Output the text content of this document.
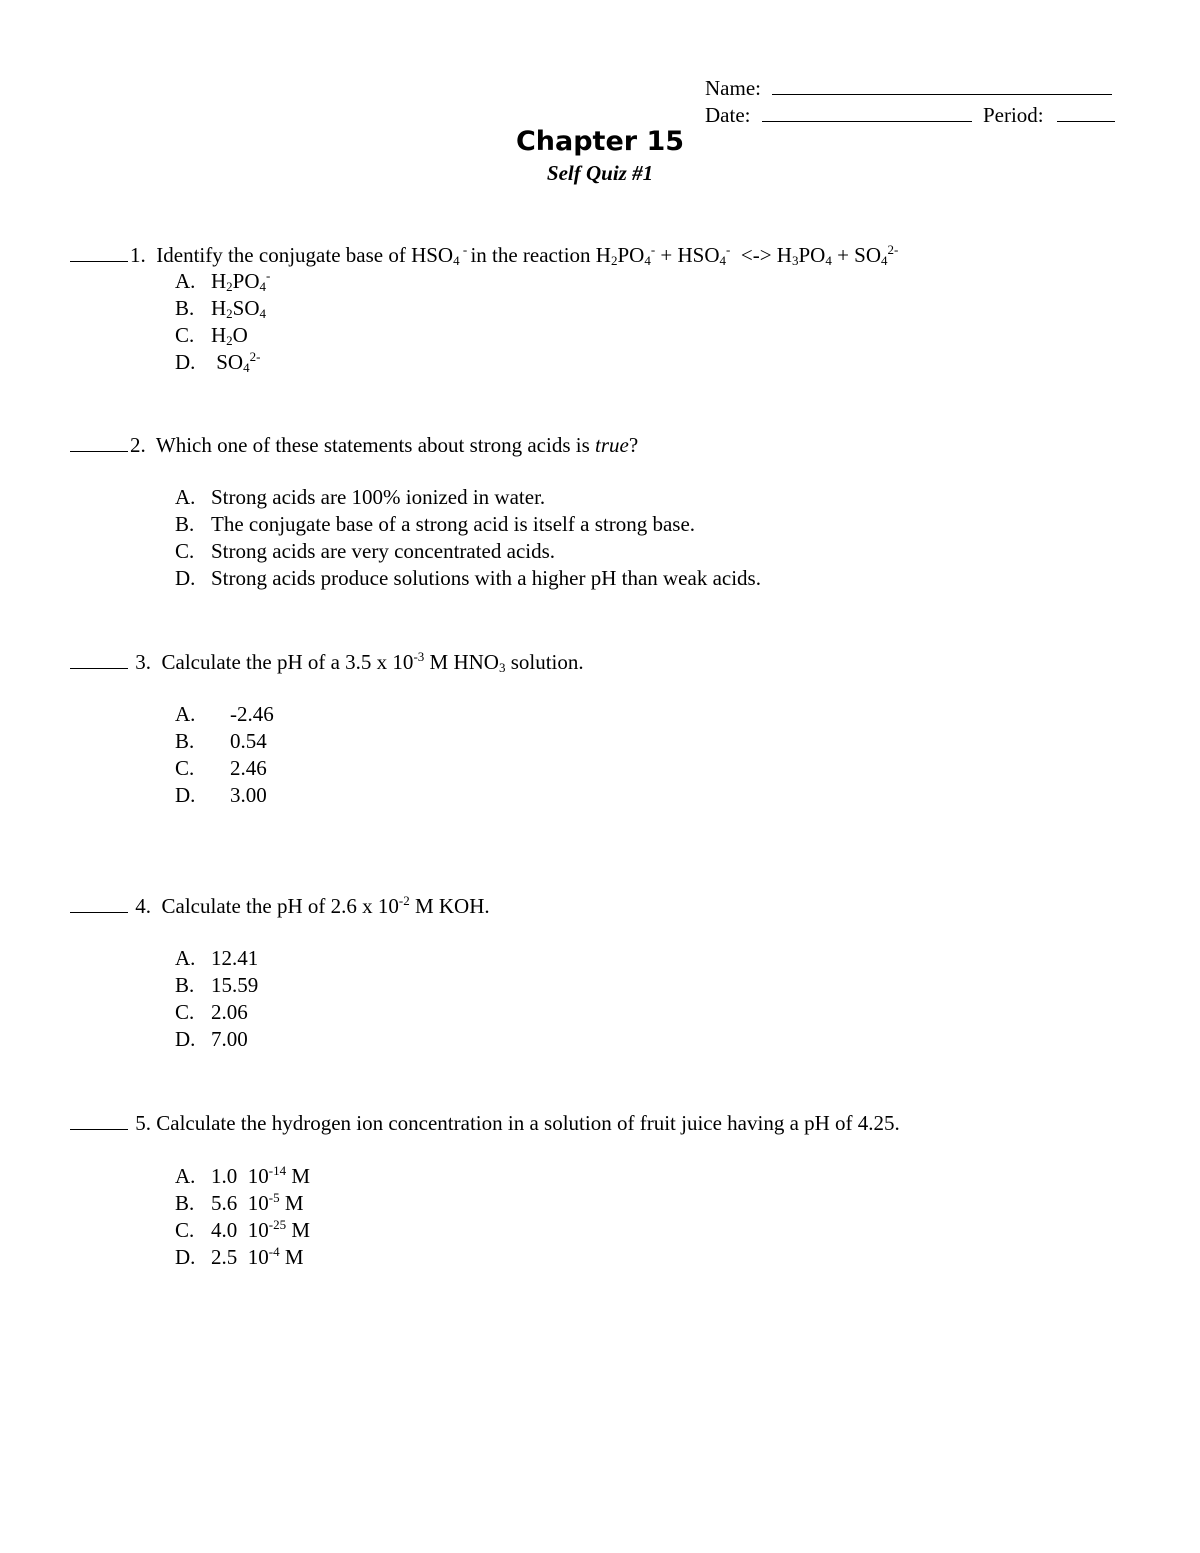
Name:
Date:	Period:
Chapter 15
Self Quiz #1
1. Identify the conjugate base of $HSO_4$ - in the reaction $H_2PO_4^- + HSO_4^-$  <-> $H_3PO_4 + SO_4^{2-}$
A. $H_2PO_4^-$
B. $H_2SO_4$
C. $H_2O$
D. $SO_4^{2-}$
2. Which one of these statements about strong acids is true?
A. Strong acids are 100% ionized in water.
B. The conjugate base of a strong acid is itself a strong base.
C. Strong acids are very concentrated acids.
D. Strong acids produce solutions with a higher pH than weak acids.
3. Calculate the pH of a 3.5 x $10^{-3}$ M $HNO_3$ solution.
A. -2.46
B. 0.54
C. 2.46
D. 3.00
4. Calculate the pH of 2.6 x $10^{-2}$ M KOH.
A. 12.41
B. 15.59
C. 2.06
D. 7.00
5. Calculate the hydrogen ion concentration in a solution of fruit juice having a pH of 4.25.
A. 1.0  $10^{-14}$ M
B. 5.6  $10^{-5}$ M
C. 4.0  $10^{-25}$ M
D. 2.5  $10^{-4}$ M
